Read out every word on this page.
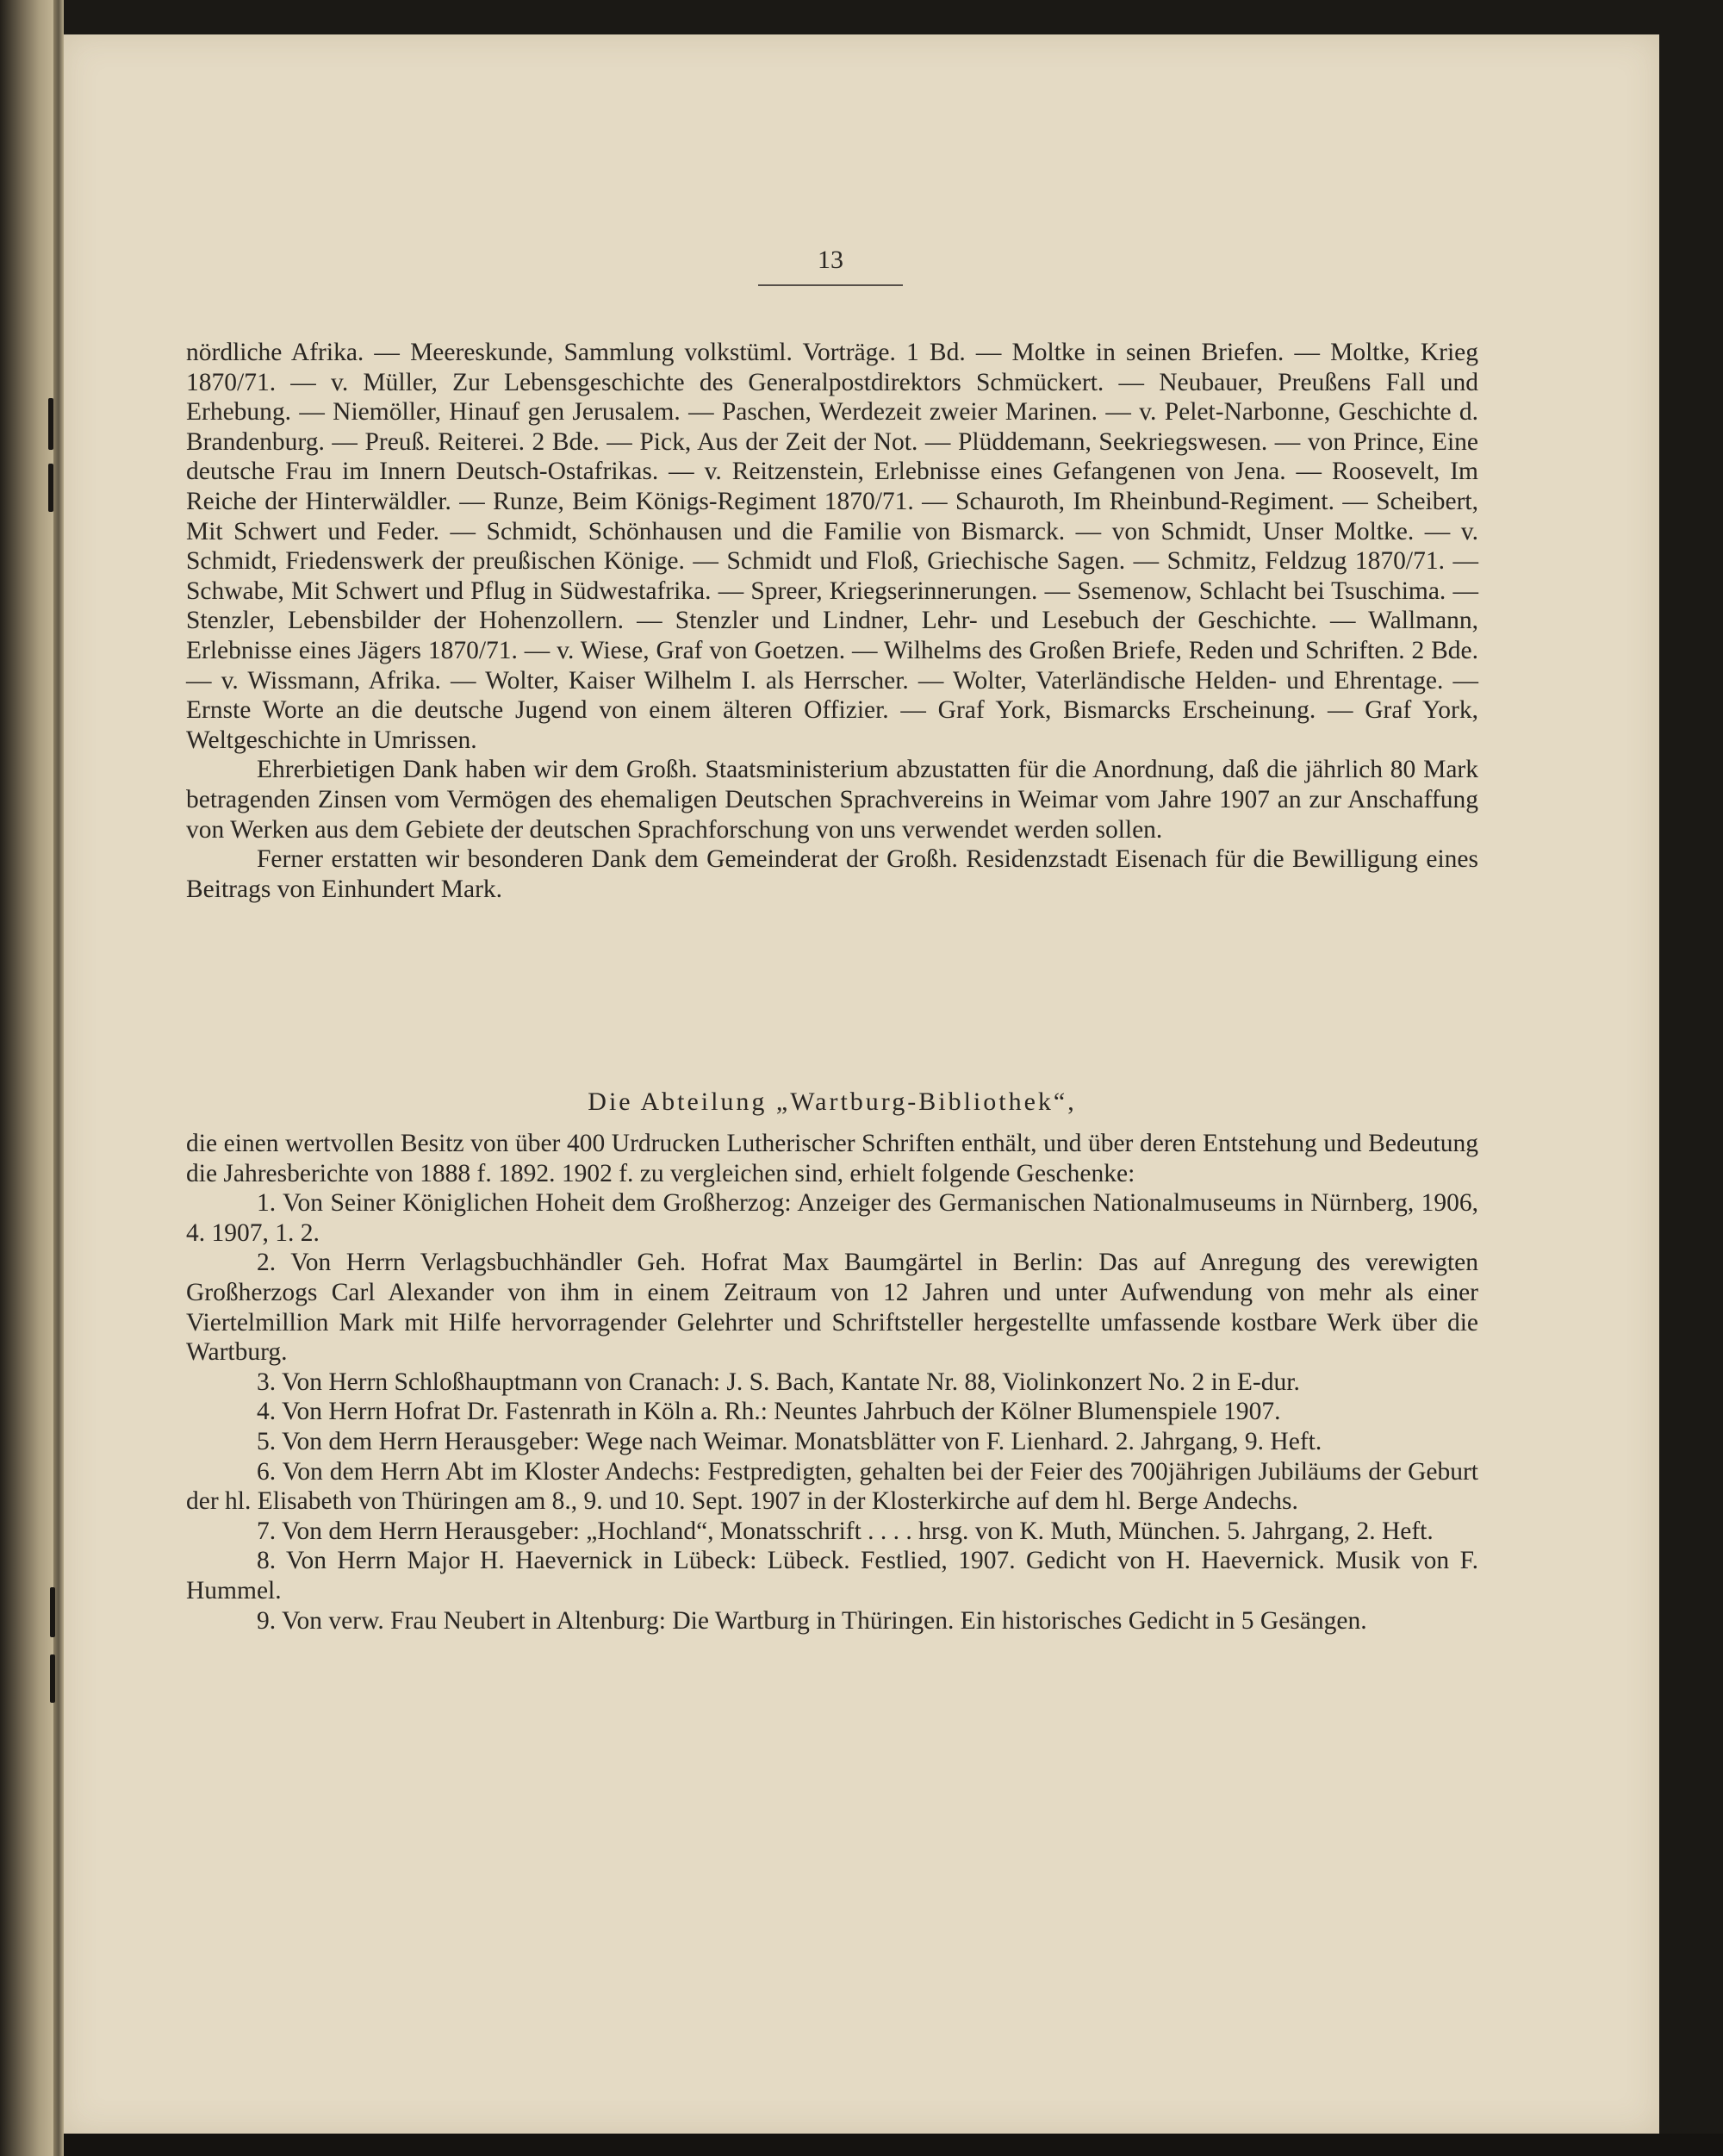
13

nördliche Afrika. — Meereskunde, Sammlung volkstüml. Vorträge. 1 Bd. — Moltke in seinen Briefen. — Moltke, Krieg 1870/71. — v. Müller, Zur Lebensgeschichte des Generalpostdirektors Schmückert. — Neubauer, Preußens Fall und Erhebung. — Niemöller, Hinauf gen Jerusalem. — Paschen, Werdezeit zweier Marinen. — v. Pelet-Narbonne, Geschichte d. Brandenburg. — Preuß. Reiterei. 2 Bde. — Pick, Aus der Zeit der Not. — Plüddemann, Seekriegswesen. — von Prince, Eine deutsche Frau im Innern Deutsch-Ostafrikas. — v. Reitzenstein, Erlebnisse eines Gefangenen von Jena. — Roosevelt, Im Reiche der Hinterwäldler. — Runze, Beim Königs-Regiment 1870/71. — Schauroth, Im Rheinbund-Regiment. — Scheibert, Mit Schwert und Feder. — Schmidt, Schönhausen und die Familie von Bismarck. — von Schmidt, Unser Moltke. — v. Schmidt, Friedenswerk der preußischen Könige. — Schmidt und Floß, Griechische Sagen. — Schmitz, Feldzug 1870/71. — Schwabe, Mit Schwert und Pflug in Südwestafrika. — Spreer, Kriegserinnerungen. — Ssemenow, Schlacht bei Tsuschima. — Stenzler, Lebensbilder der Hohenzollern. — Stenzler und Lindner, Lehr- und Lesebuch der Geschichte. — Wallmann, Erlebnisse eines Jägers 1870/71. — v. Wiese, Graf von Goetzen. — Wilhelms des Großen Briefe, Reden und Schriften. 2 Bde. — v. Wissmann, Afrika. — Wolter, Kaiser Wilhelm I. als Herrscher. — Wolter, Vaterländische Helden- und Ehrentage. — Ernste Worte an die deutsche Jugend von einem älteren Offizier. — Graf York, Bismarcks Erscheinung. — Graf York, Weltgeschichte in Umrissen.

Ehrerbietigen Dank haben wir dem Großh. Staatsministerium abzustatten für die Anordnung, daß die jährlich 80 Mark betragenden Zinsen vom Vermögen des ehemaligen Deutschen Sprachvereins in Weimar vom Jahre 1907 an zur Anschaffung von Werken aus dem Gebiete der deutschen Sprachforschung von uns verwendet werden sollen.

Ferner erstatten wir besonderen Dank dem Gemeinderat der Großh. Residenzstadt Eisenach für die Bewilligung eines Beitrags von Einhundert Mark.

Die Abteilung „Wartburg-Bibliothek“,

die einen wertvollen Besitz von über 400 Urdrucken Lutherischer Schriften enthält, und über deren Entstehung und Bedeutung die Jahresberichte von 1888 f. 1892. 1902 f. zu vergleichen sind, erhielt folgende Geschenke:

1. Von Seiner Königlichen Hoheit dem Großherzog: Anzeiger des Germanischen Nationalmuseums in Nürnberg, 1906, 4. 1907, 1. 2.

2. Von Herrn Verlagsbuchhändler Geh. Hofrat Max Baumgärtel in Berlin: Das auf Anregung des verewigten Großherzogs Carl Alexander von ihm in einem Zeitraum von 12 Jahren und unter Aufwendung von mehr als einer Viertelmillion Mark mit Hilfe hervorragender Gelehrter und Schriftsteller hergestellte umfassende kostbare Werk über die Wartburg.

3. Von Herrn Schloßhauptmann von Cranach: J. S. Bach, Kantate Nr. 88, Violinkonzert No. 2 in E-dur.

4. Von Herrn Hofrat Dr. Fastenrath in Köln a. Rh.: Neuntes Jahrbuch der Kölner Blumenspiele 1907.

5. Von dem Herrn Herausgeber: Wege nach Weimar. Monatsblätter von F. Lienhard. 2. Jahrgang, 9. Heft.

6. Von dem Herrn Abt im Kloster Andechs: Festpredigten, gehalten bei der Feier des 700jährigen Jubiläums der Geburt der hl. Elisabeth von Thüringen am 8., 9. und 10. Sept. 1907 in der Klosterkirche auf dem hl. Berge Andechs.

7. Von dem Herrn Herausgeber: „Hochland“, Monatsschrift . . . . hrsg. von K. Muth, München. 5. Jahrgang, 2. Heft.

8. Von Herrn Major H. Haevernick in Lübeck: Lübeck. Festlied, 1907. Gedicht von H. Haevernick. Musik von F. Hummel.

9. Von verw. Frau Neubert in Altenburg: Die Wartburg in Thüringen. Ein historisches Gedicht in 5 Gesängen.
